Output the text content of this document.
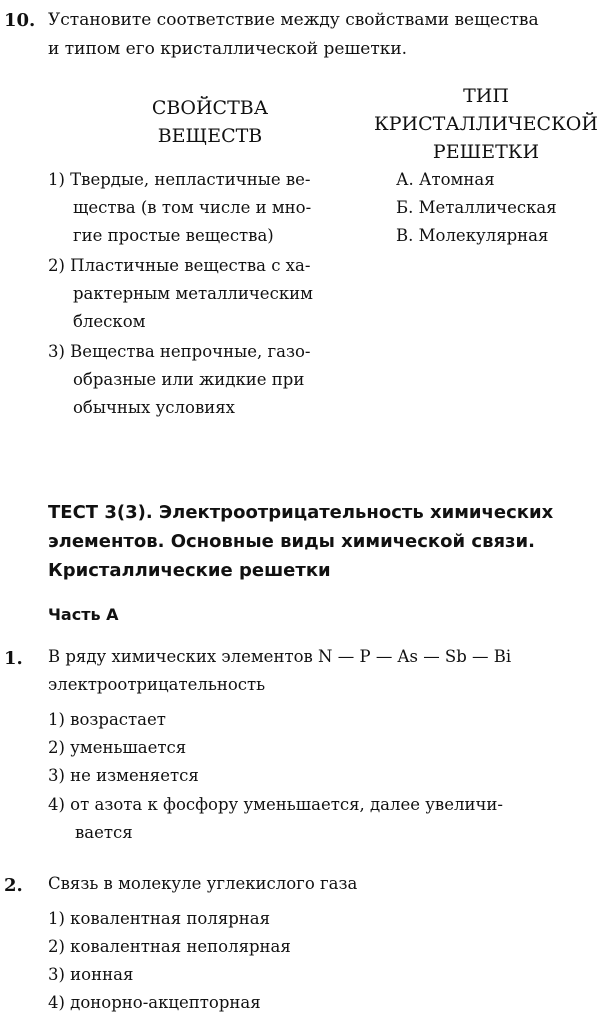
10. Установите соответствие между свойствами вещества
и типом его кристаллической решетки.
СВОЙСТВА
ВЕЩЕСТВ
ТИП
КРИСТАЛЛИЧЕСКОЙ
РЕШЕТКИ
1) Твердые, непластичные ве-
щества (в том числе и мно-
гие простые вещества)
2) Пластичные вещества с ха-
рактерным металлическим
блеском
3) Вещества непрочные, газо-
образные или жидкие при
обычных условиях
А. Атомная
Б. Металлическая
В. Молекулярная
ТЕСТ 3(3). Электроотрицательность химических
элементов. Основные виды химической связи.
Кристаллические решетки
Часть А
1. В ряду химических элементов N — P — As — Sb — Bi
электроотрицательность
1) возрастает
2) уменьшается
3) не изменяется
4) от азота к фосфору уменьшается, далее увеличи-
вается
2. Связь в молекуле углекислого газа
1) ковалентная полярная
2) ковалентная неполярная
3) ионная
4) донорно-акцепторная
